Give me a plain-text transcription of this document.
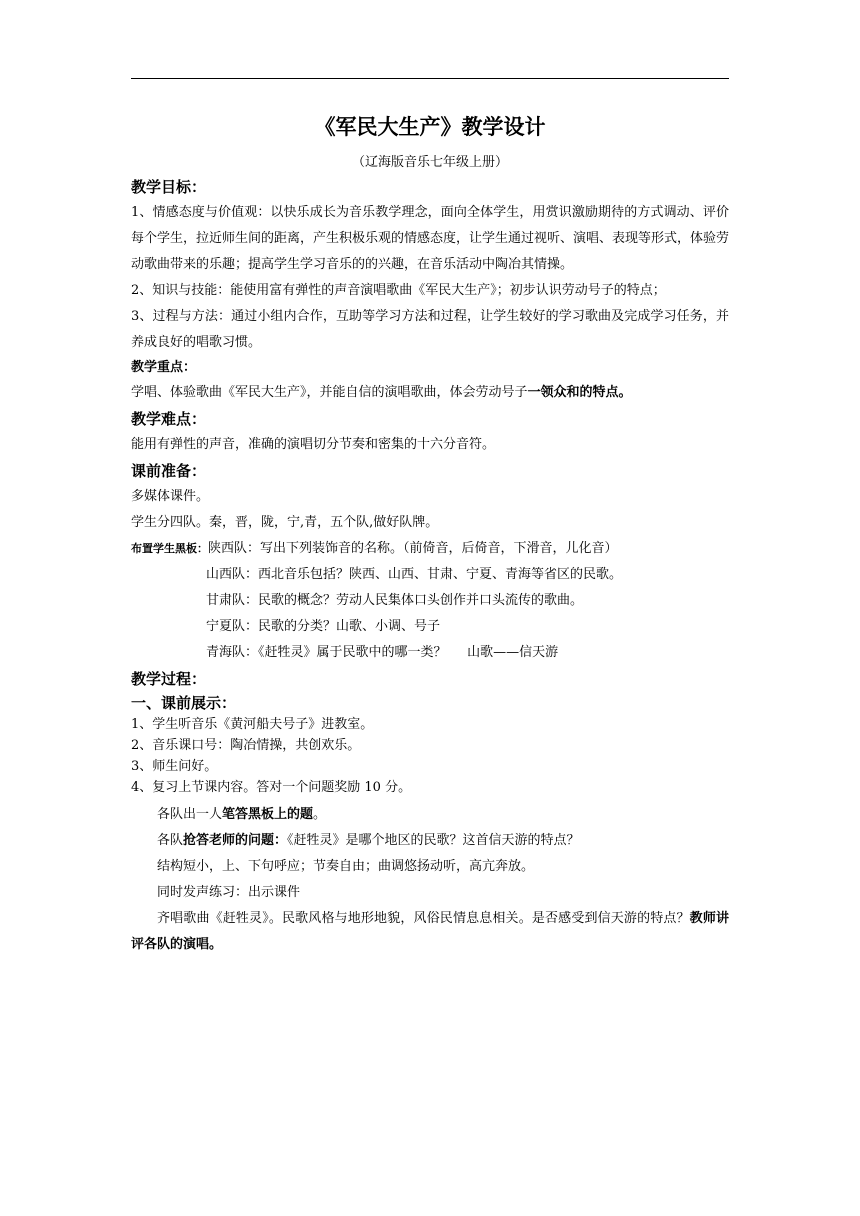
《军民大生产》教学设计

（辽海版音乐七年级上册）

教学目标：

1、情感态度与价值观：以快乐成长为音乐教学理念，面向全体学生，用赏识激励期待的方式调动、评价每个学生，拉近师生间的距离，产生积极乐观的情感态度，让学生通过视听、演唱、表现等形式，体验劳动歌曲带来的乐趣；提高学生学习音乐的的兴趣，在音乐活动中陶冶其情操。

2、知识与技能：能使用富有弹性的声音演唱歌曲《军民大生产》；初步认识劳动号子的特点；

3、过程与方法：通过小组内合作，互助等学习方法和过程，让学生较好的学习歌曲及完成学习任务，并养成良好的唱歌习惯。

教学重点：

学唱、体验歌曲《军民大生产》，并能自信的演唱歌曲，体会劳动号子一领众和的特点。

教学难点：

能用有弹性的声音，准确的演唱切分节奏和密集的十六分音符。

课前准备：

多媒体课件。

学生分四队。秦，晋，陇，宁,青，五个队,做好队牌。

布置学生黑板：陕西队：写出下列装饰音的名称。（前倚音，后倚音，下滑音，儿化音）

山西队：西北音乐包括？陕西、山西、甘肃、宁夏、青海等省区的民歌。

甘肃队：民歌的概念？劳动人民集体口头创作并口头流传的歌曲。

宁夏队：民歌的分类？山歌、小调、号子

青海队：《赶牲灵》属于民歌中的哪一类？     山歌——信天游

教学过程：
一、课前展示：

1、学生听音乐《黄河船夫号子》进教室。

2、音乐课口号：陶冶情操，共创欢乐。

3、师生问好。

4、复习上节课内容。答对一个问题奖励 10 分。

各队出一人笔答黑板上的题。

各队抢答老师的问题：《赶牲灵》是哪个地区的民歌？这首信天游的特点？

结构短小，上、下句呼应；节奏自由；曲调悠扬动听，高亢奔放。

同时发声练习：出示课件

齐唱歌曲《赶牲灵》。民歌风格与地形地貌，风俗民情息息相关。是否感受到信天游的特点？教师讲评各队的演唱。
